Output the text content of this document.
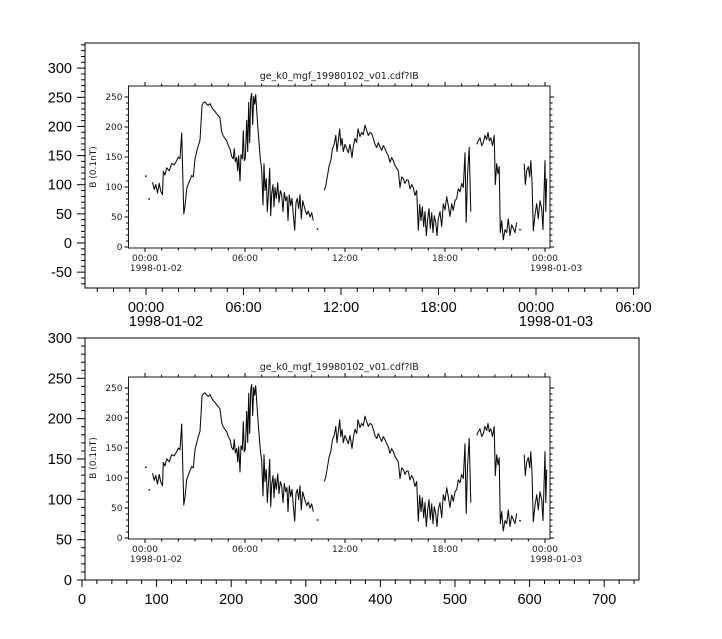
300
250
200
150
100
50
0
-50
00:00
1998-01-02
06:00	12:00	18:00	00:00
1998-01-03
06:00
ge_k0_mgf_19980102_v01.cdf?IB
B (0.1nT)
0
50
100
150
200
250
00:00
1998-01-02
06:00	12:00	18:00	00:00
1998-01-03
300
250
200
150
100
50
0
0	100	200	300	400	500	600	700
ge_k0_mgf_19980102_v01.cdf?IB
B (0.1nT)
0
50
100
150
200
250
00:00
1998-01-02
06:00	12:00	18:00	00:00
1998-01-03
